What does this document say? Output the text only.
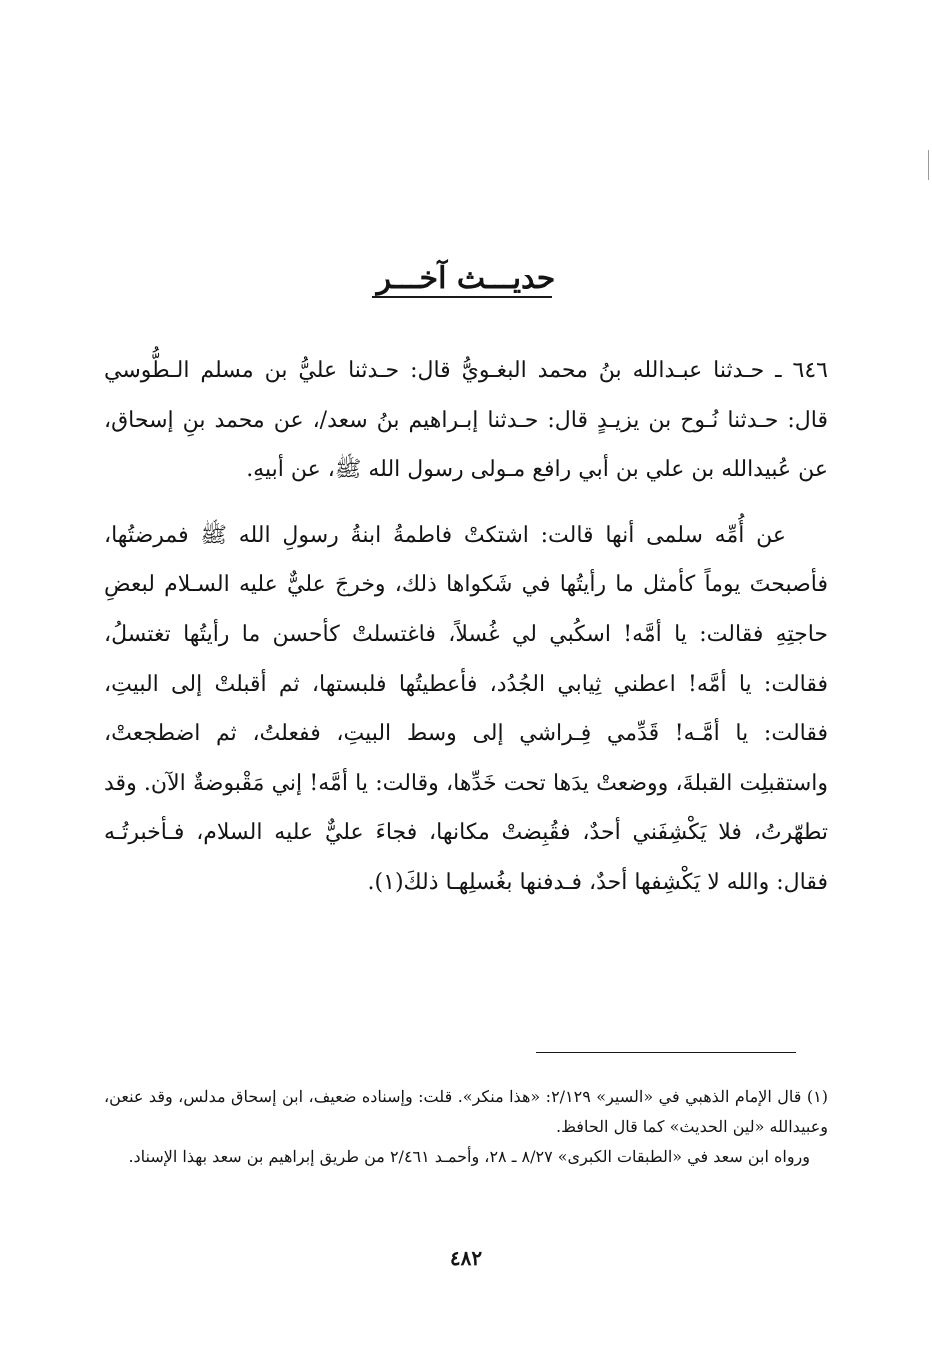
حديـــث آخـــر

٦٤٦ ـ حـدثنا عبـدالله بنُ محمد البغـويُّ قال: حـدثنا عليُّ بن مسلم الـطُّوسي قال: حـدثنا نُـوح بن يزيـدٍ قال: حـدثنا إبـراهيم بنُ سعد/، عن محمد بنِ إسحاق، عن عُبيدالله بن علي بن أبي رافع مـولى رسول الله ﷺ، عن أبيهِ.

عن أُمِّه سلمى أنها قالت: اشتكتْ فاطمةُ ابنةُ رسولِ الله ﷺ فمرضتُها، فأصبحتَ يوماً كأمثل ما رأيتُها في شَكواها ذلك، وخرجَ عليٌّ عليه السـلام لبعضِ حاجتِهِ فقالت: يا أمَّه! اسكُبي لي غُسلاً، فاغتسلتْ كأحسن ما رأيتُها تغتسلُ، فقالت: يا أمَّه! اعطني ثِيابي الجُدُد، فأعطيتُها فلبستها، ثم أقبلتْ إلى البيتِ، فقالت: يا أمَّـه! قَدِّمي فِـراشي إلى وسط البيتِ، ففعلتُ، ثم اضطجعتْ، واستقبلِت القبلةَ، ووضعتْ يدَها تحت خَدِّها، وقالت: يا أمَّه! إني مَقْبوضةٌ الآن. وقد تطهّرتُ، فلا يَكْشِفَني أحدٌ، فقُبِضتْ مكانها، فجاءَ عليٌّ عليه السلام، فـأخبرتُـه فقال: والله لا يَكْشِفها أحدٌ، فـدفنها بغُسلِهـا ذلكَ(١).

(١) قال الإمام الذهبي في «السير» ٢/١٢٩: «هذا منكر». قلت: وإسناده ضعيف، ابن إسحاق مدلس، وقد عنعن، وعبيدالله «لين الحديث» كما قال الحافظ.

ورواه ابن سعد في «الطبقات الكبرى» ٨/٢٧ ـ ٢٨، وأحمـد ٢/٤٦١ من طريق إبراهيم بن سعد بهذا الإسناد.

٤٨٢
